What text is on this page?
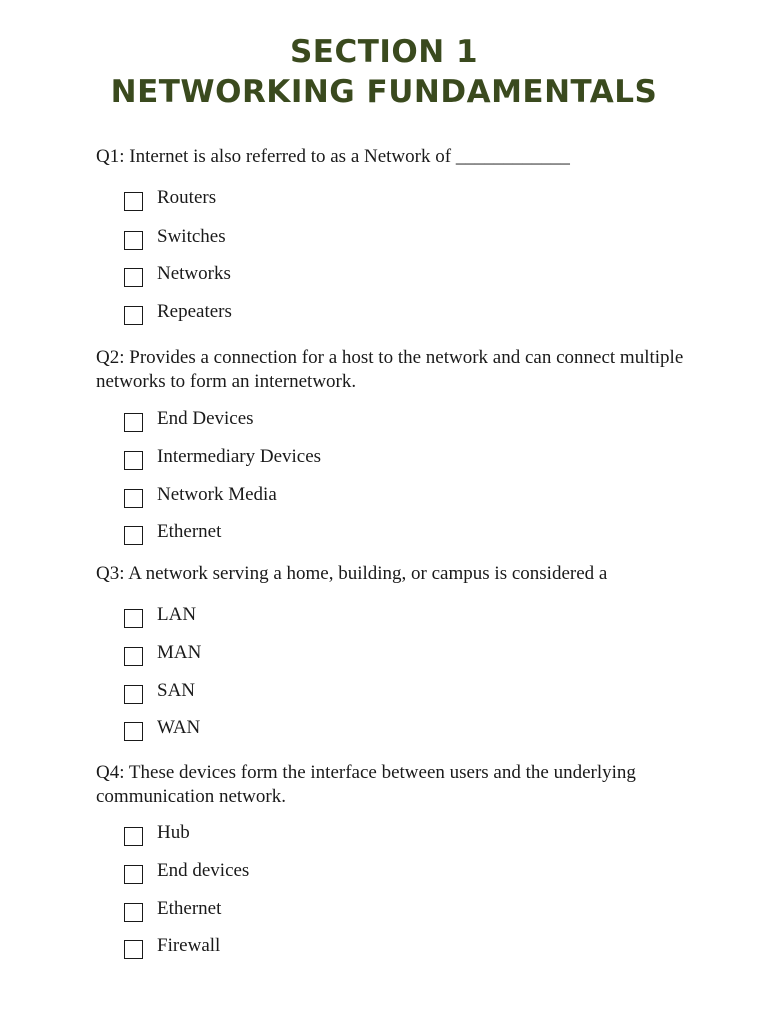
SECTION 1
NETWORKING FUNDAMENTALS
Q1: Internet is also referred to as a Network of ____________
Routers
Switches
Networks
Repeaters
Q2: Provides a connection for a host to the network and can connect multiple networks to form an internetwork.
End Devices
Intermediary Devices
Network Media
Ethernet
Q3: A network serving a home, building, or campus is considered a
LAN
MAN
SAN
WAN
Q4: These devices form the interface between users and the underlying communication network.
Hub
End devices
Ethernet
Firewall
